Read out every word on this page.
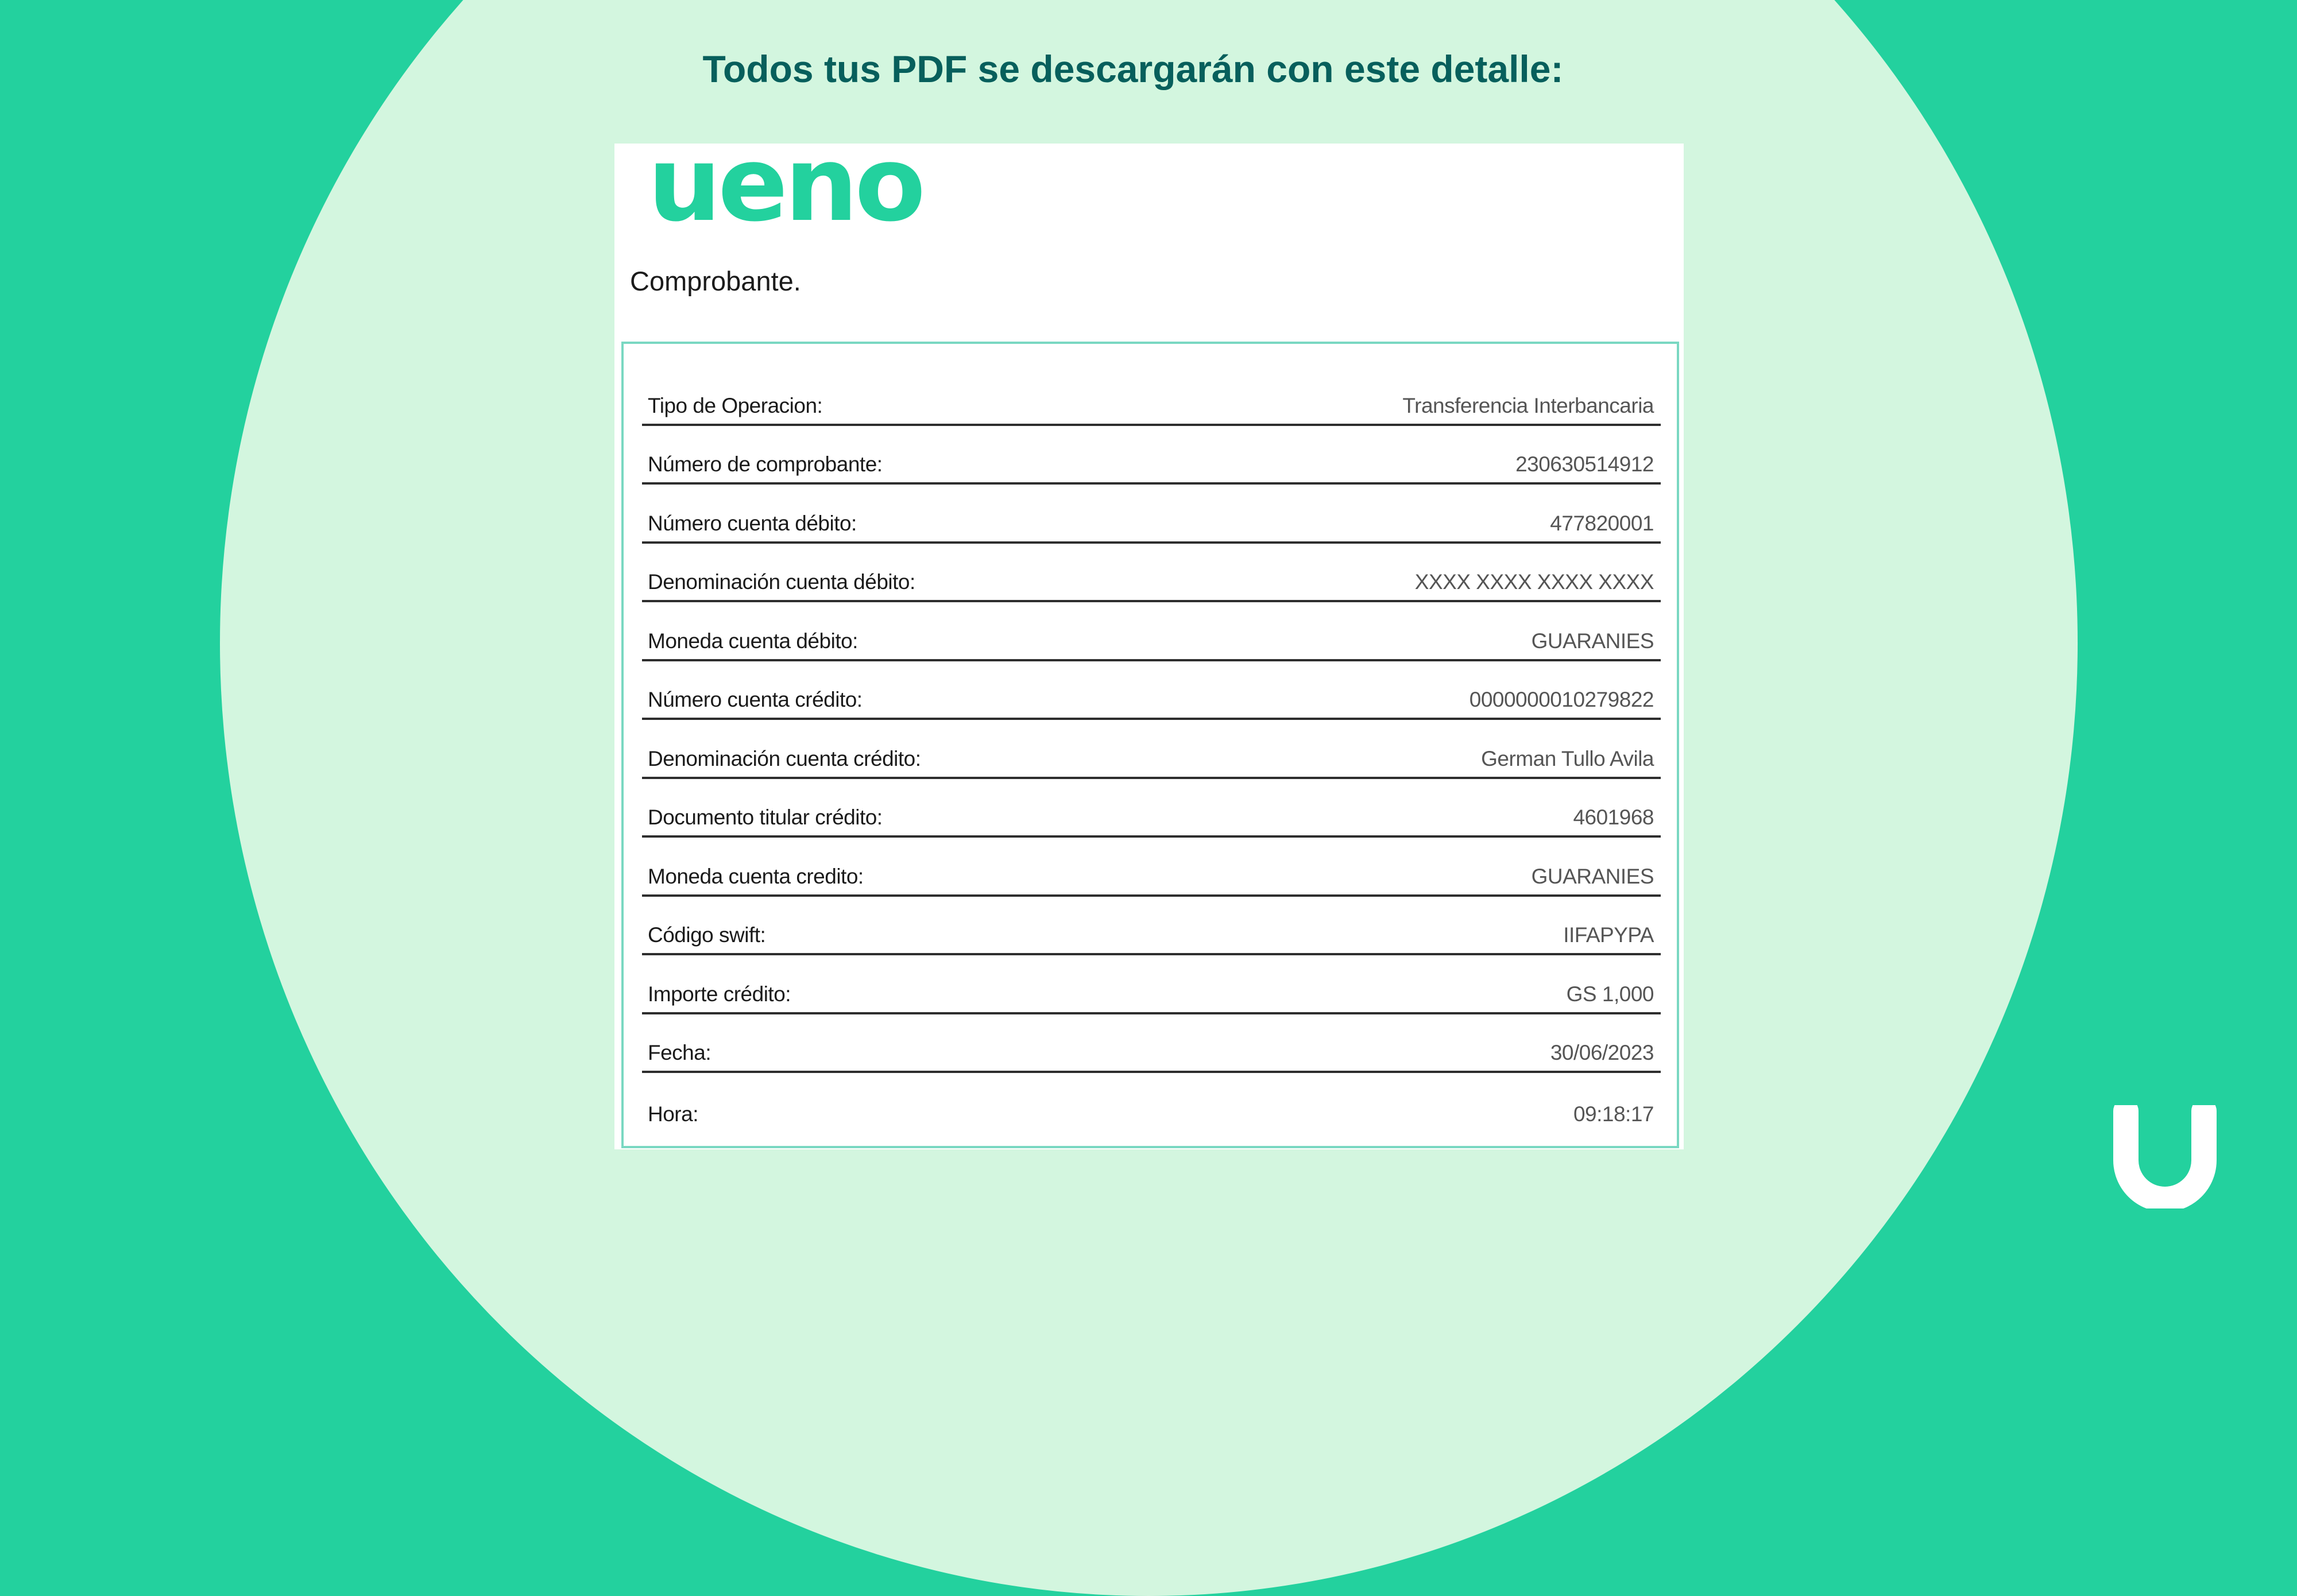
Todos tus PDF se descargarán con este detalle:
ueno
Comprobante.
Tipo de Operacion:	Transferencia Interbancaria
Número de comprobante:	230630514912
Número cuenta débito:	477820001
Denominación cuenta débito:	XXXX XXXX XXXX XXXX
Moneda cuenta débito:	GUARANIES
Número cuenta crédito:	0000000010279822
Denominación cuenta crédito:	German Tullo Avila
Documento titular crédito:	4601968
Moneda cuenta credito:	GUARANIES
Código swift:	IIFAPYPA
Importe crédito:	GS 1,000
Fecha:	30/06/2023
Hora:	09:18:17
